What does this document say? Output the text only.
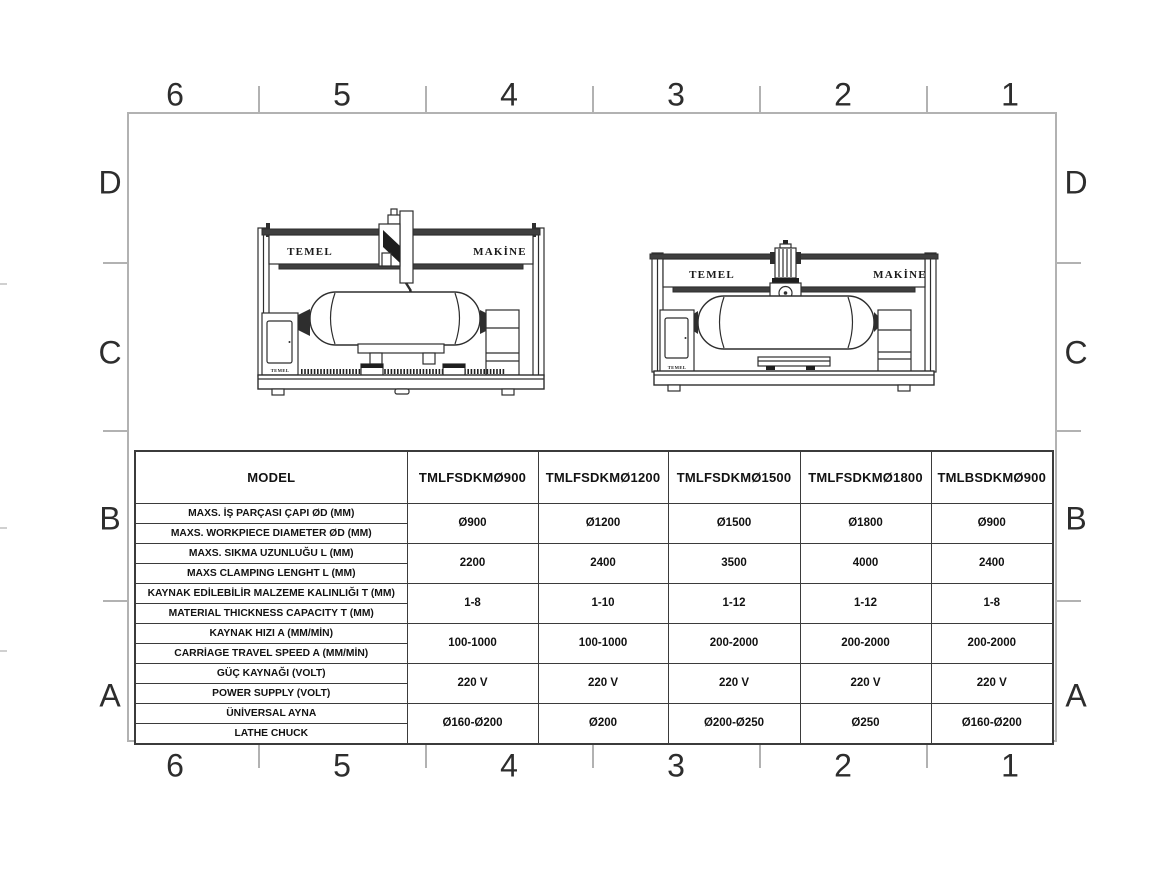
6	5	4	3	2	1
6	5	4	3	2	1
D
C
B
A
D
C
B
A
TEMEL	MAKİNE
TEMEL
TEMEL	MAKİNE
TEMEL
MODEL	TMLFSDKMØ900	TMLFSDKMØ1200	TMLFSDKMØ1500	TMLFSDKMØ1800	TMLBSDKMØ900
MAXS. İŞ PARÇASI ÇAPI ØD (MM)	Ø900	Ø1200	Ø1500	Ø1800	Ø900
MAXS. WORKPIECE DIAMETER ØD (MM)					
MAXS. SIKMA UZUNLUĞU L (MM)	2200	2400	3500	4000	2400
MAXS CLAMPING LENGHT L (MM)					
KAYNAK EDİLEBİLİR MALZEME KALINLIĞI T (MM)	1-8	1-10	1-12	1-12	1-8
MATERIAL THICKNESS CAPACITY T (MM)					
KAYNAK HIZI A (MM/MİN)	100-1000	100-1000	200-2000	200-2000	200-2000
CARRİAGE TRAVEL SPEED A (MM/MİN)					
GÜÇ KAYNAĞI (VOLT)	220 V	220 V	220 V	220 V	220 V
POWER SUPPLY (VOLT)					
ÜNİVERSAL AYNA	Ø160-Ø200	Ø200	Ø200-Ø250	Ø250	Ø160-Ø200
LATHE CHUCK					
